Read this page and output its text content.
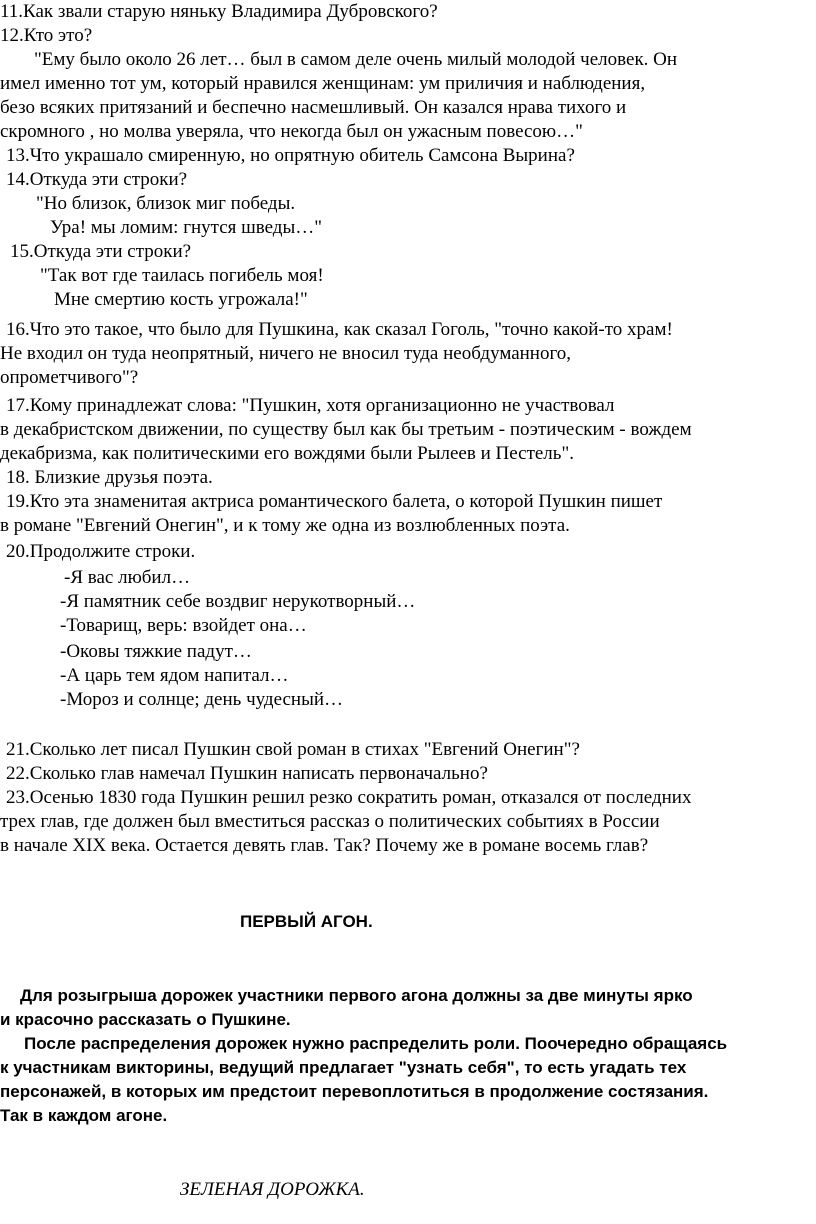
11.Как звали старую няньку Владимира Дубровского?
12.Кто это?
"Ему было около 26 лет… был в самом деле очень милый молодой человек. Он
имел именно тот ум, который нравился женщинам: ум приличия и наблюдения,
безо всяких притязаний и беспечно насмешливый. Он казался нрава тихого и
скромного , но молва уверяла, что некогда был он ужасным повесою…"
13.Что украшало смиренную, но опрятную обитель Самсона Вырина?
14.Откуда эти строки?
"Но близок, близок миг победы.
Ура! мы ломим: гнутся шведы…"
15.Откуда эти строки?
"Так вот где таилась погибель моя!
Мне смертию кость угрожала!"
16.Что это такое, что было для Пушкина, как сказал Гоголь, "точно какой-то храм!
Не входил он туда неопрятный, ничего не вносил туда необдуманного,
опрометчивого"?
17.Кому принадлежат слова: "Пушкин, хотя организационно не участвовал
в декабристском движении, по существу был как бы третьим - поэтическим - вождем
декабризма, как политическими его вождями были Рылеев и Пестель".
18. Близкие друзья поэта.
19.Кто эта знаменитая актриса романтического балета, о которой Пушкин пишет
в романе "Евгений Онегин", и к тому же одна из возлюбленных поэта.
20.Продолжите строки.
-Я вас любил…
-Я памятник себе воздвиг нерукотворный…
-Товарищ, верь: взойдет она…
-Оковы тяжкие падут…
-А царь тем ядом напитал…
-Мороз и солнце; день чудесный…
21.Сколько лет писал Пушкин свой роман в стихах "Евгений Онегин"?
22.Сколько глав намечал Пушкин написать первоначально?
23.Осенью 1830 года Пушкин решил резко сократить роман, отказался от последних
трех глав, где должен был вместиться рассказ о политических событиях в России
в начале XIX века. Остается девять глав. Так? Почему же в романе восемь глав?
ПЕРВЫЙ АГОН.
Для розыгрыша дорожек участники первого агона должны за две минуты ярко
и красочно рассказать о Пушкине.
После распределения дорожек нужно распределить роли. Поочередно обращаясь
к участникам викторины, ведущий предлагает "узнать себя", то есть угадать тех
персонажей, в которых им предстоит перевоплотиться в продолжение состязания.
Так в каждом агоне.
ЗЕЛЕНАЯ ДОРОЖКА.
